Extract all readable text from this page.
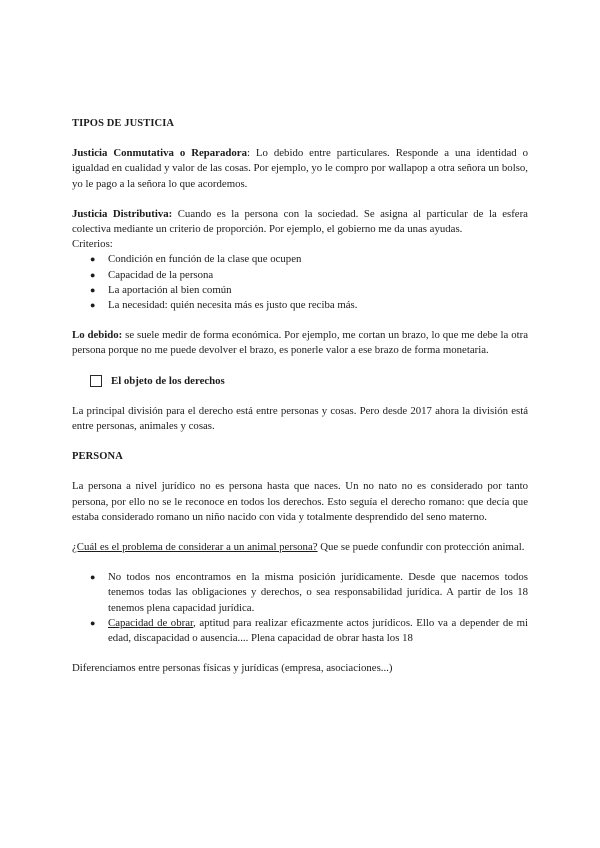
TIPOS DE JUSTICIA

Justicia Conmutativa o Reparadora: Lo debido entre particulares. Responde a una identidad o igualdad en cualidad y valor de las cosas. Por ejemplo, yo le compro por wallapop a otra señora un bolso, yo le pago a la señora lo que acordemos.

Justicia Distributiva: Cuando es la persona con la sociedad. Se asigna al particular de la esfera colectiva mediante un criterio de proporción. Por ejemplo, el gobierno me da unas ayudas.

Criterios:

● Condición en función de la clase que ocupen
● Capacidad de la persona
● La aportación al bien común
● La necesidad: quién necesita más es justo que reciba más.

Lo debido: se suele medir de forma económica. Por ejemplo, me cortan un brazo, lo que me debe la otra persona porque no me puede devolver el brazo, es ponerle valor a ese brazo de forma monetaria.

El objeto de los derechos

La principal división para el derecho está entre personas y cosas. Pero desde 2017 ahora la división está entre personas, animales y cosas.

PERSONA

La persona a nivel jurídico no es persona hasta que naces. Un no nato no es considerado por tanto persona, por ello no se le reconoce en todos los derechos. Esto seguía el derecho romano: que decía que estaba considerado romano un niño nacido con vida y totalmente desprendido del seno materno.

¿Cuál es el problema de considerar a un animal persona? Que se puede confundir con protección animal.

● No todos nos encontramos en la misma posición jurídicamente. Desde que nacemos todos tenemos todas las obligaciones y derechos, o sea responsabilidad jurídica. A partir de los 18 tenemos plena capacidad jurídica.
● Capacidad de obrar, aptitud para realizar eficazmente actos jurídicos. Ello va a depender de mi edad, discapacidad o ausencia.... Plena capacidad de obrar hasta los 18

Diferenciamos entre personas físicas y jurídicas (empresa, asociaciones...)
